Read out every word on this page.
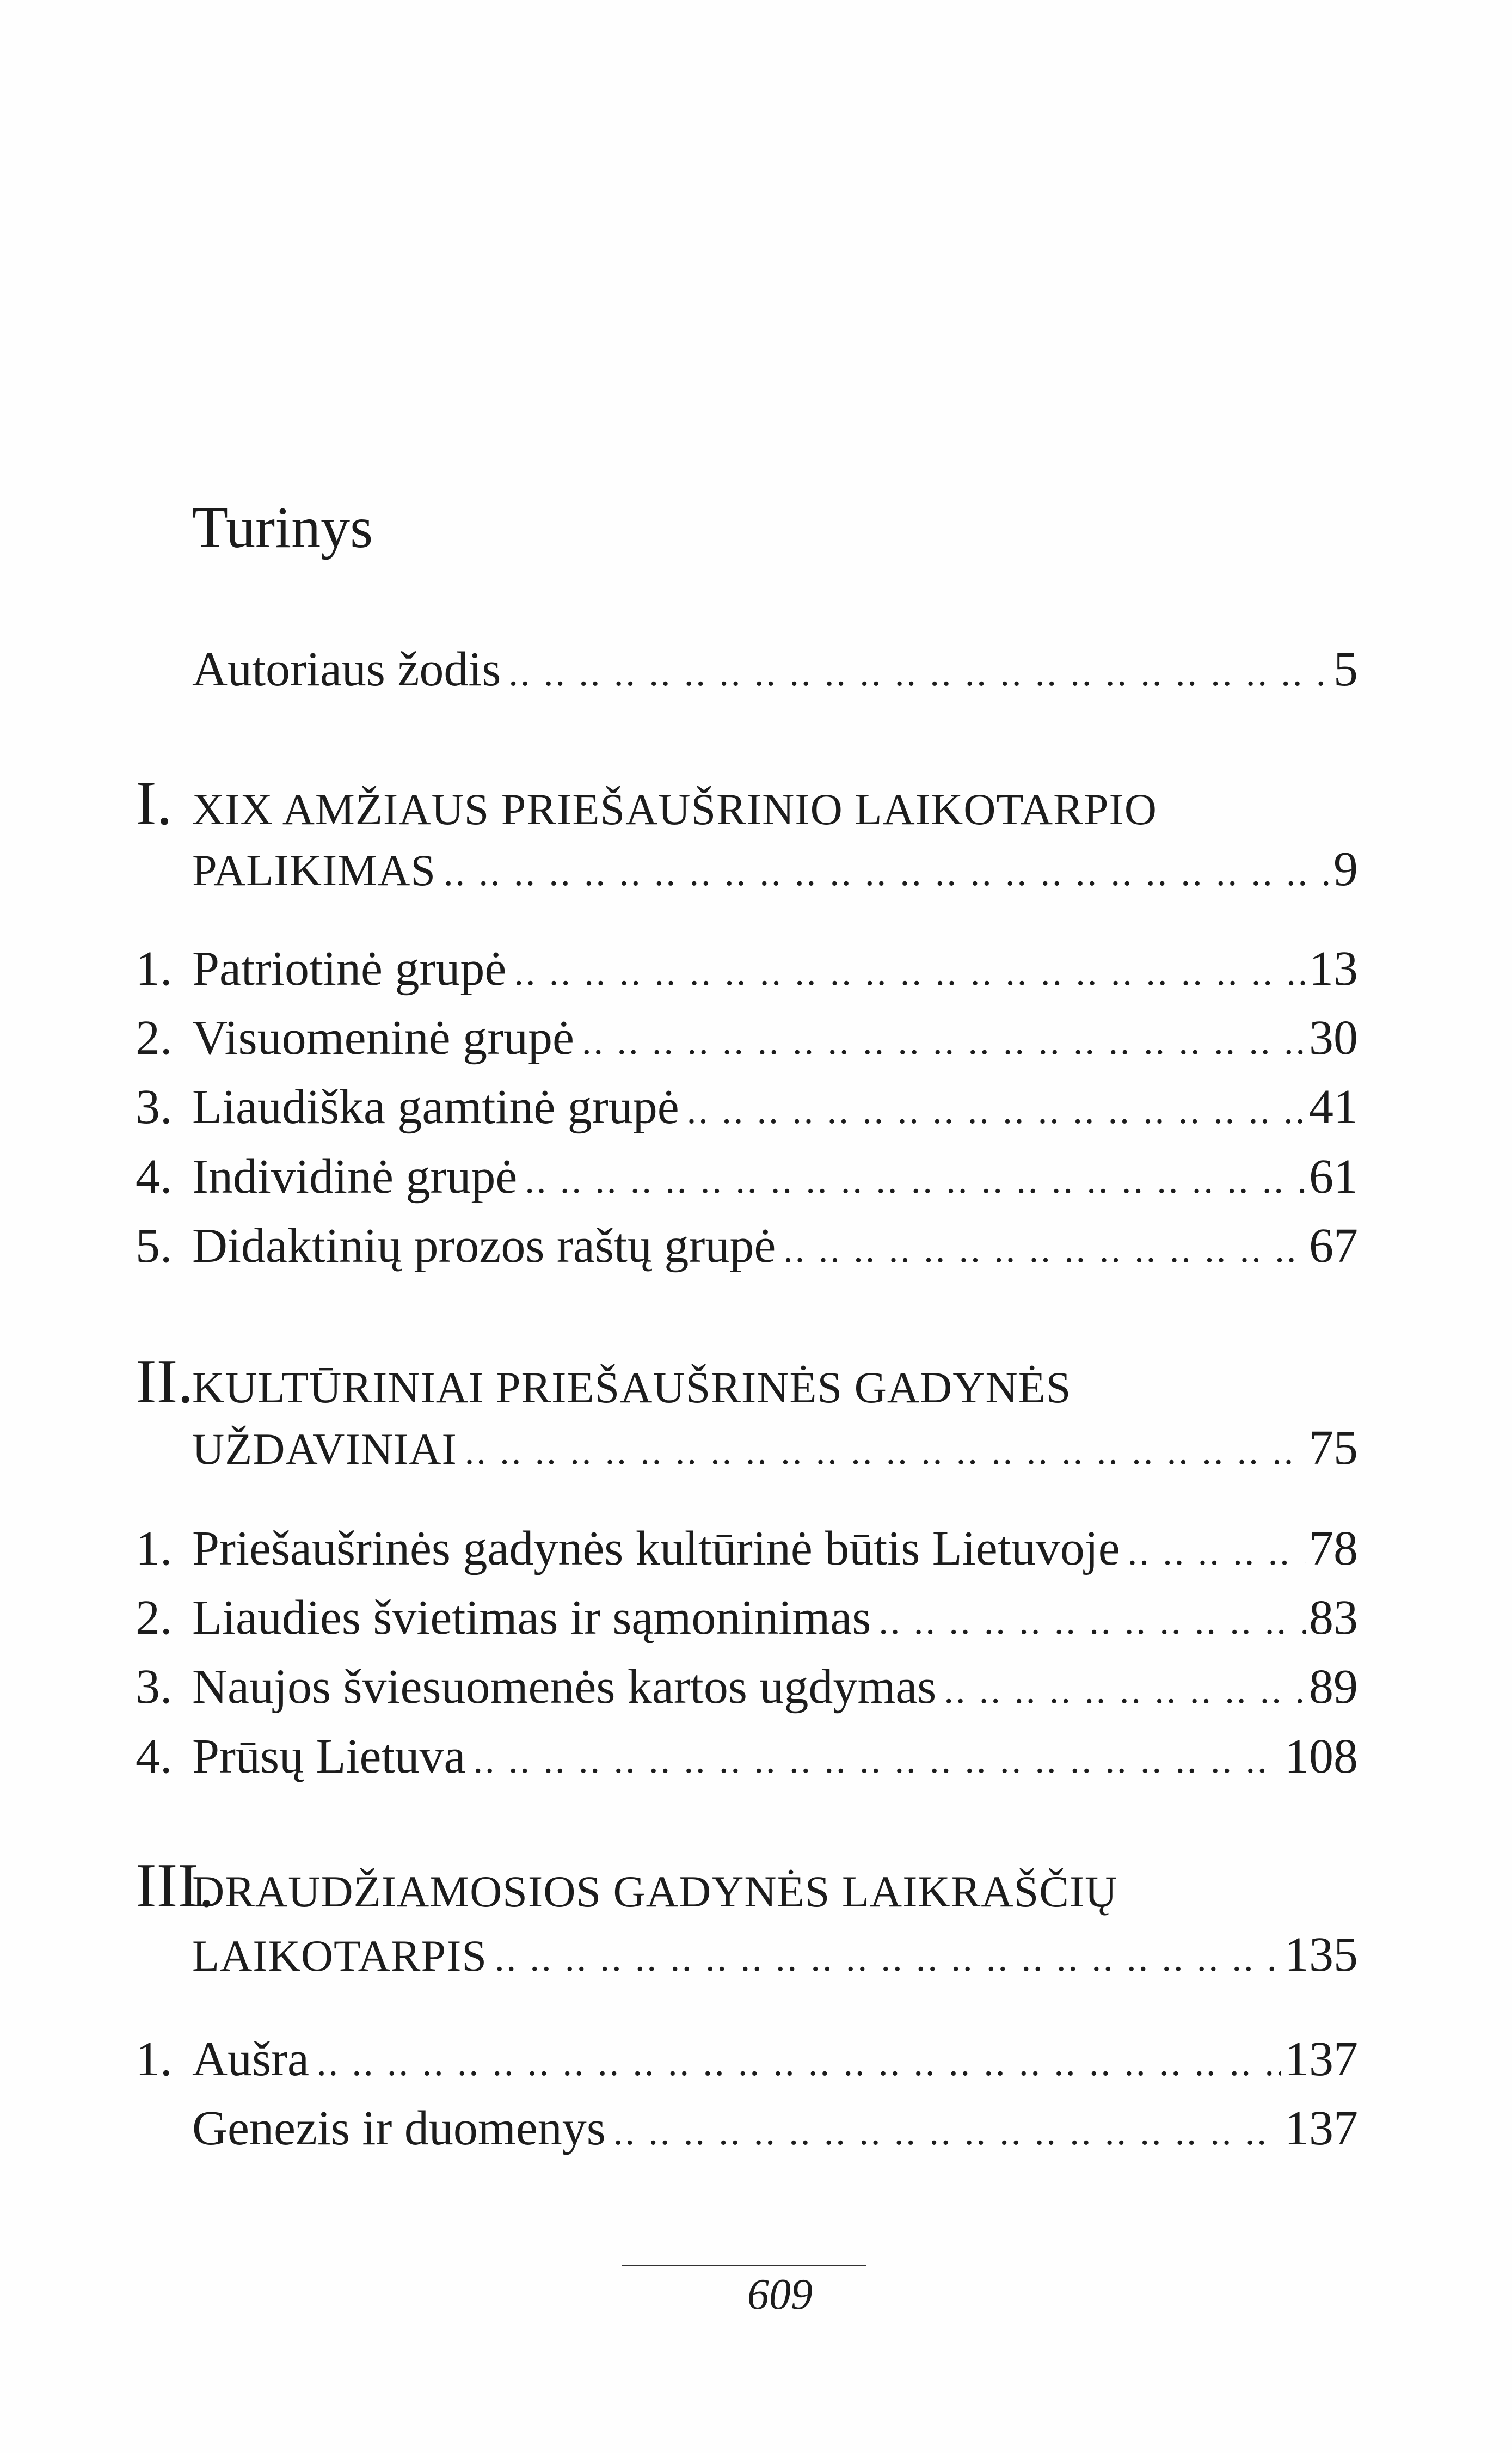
Turinys
Autoriaus žodis .. ..	5
I. XIX AMŽIAUS PRIEŠAUŠRINIO LAIKOTARPIO
PALIKIMAS .. ..	9
1. Patriotinė grupė .. ..	13
2. Visuomeninė grupė .. ..	30
3. Liaudiška gamtinė grupė .. ..	41
4. Individinė grupė .. ..	61
5. Didaktinių prozos raštų grupė .. ..	67
II.
KULTŪRINIAI PRIEŠAUŠRINĖS GADYNĖS
UŽDAVINIAI .. ..	75
1. Priešaušrinės gadynės kultūrinė būtis Lietuvoje .. ..	78
2. Liaudies švietimas ir sąmoninimas .. ..	83
3. Naujos šviesuomenės kartos ugdymas .. ..	89
4. Prūsų Lietuva .. ..	108
III.
DRAUDŽIAMOSIOS GADYNĖS LAIKRAŠČIŲ
LAIKOTARPIS .. ..	135
1. Aušra .. ..	137
Genezis ir duomenys .. ..	137
609
